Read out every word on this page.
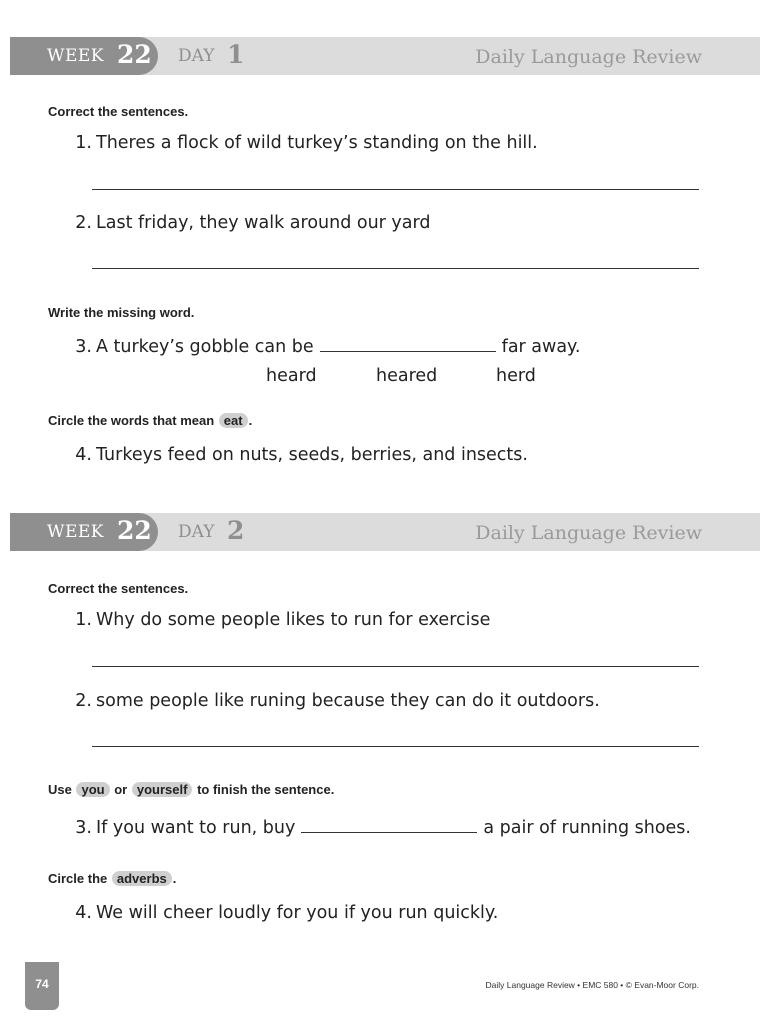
WEEK 22 DAY 1	Daily Language Review
Correct the sentences.
1. Theres a flock of wild turkey’s standing on the hill.
2. Last friday, they walk around our yard
Write the missing word.
3. A turkey’s gobble can be	far away.
heard	heared	herd
Circle the words that mean eat .
4. Turkeys feed on nuts, seeds, berries, and insects.
WEEK 22 DAY 2	Daily Language Review
Correct the sentences.
1. Why do some people likes to run for exercise
2. some people like runing because they can do it outdoors.
Use you or yourself to finish the sentence.
3. If you want to run, buy	a pair of running shoes.
Circle the adverbs .
4. We will cheer loudly for you if you run quickly.
74	Daily Language Review • EMC 580 • © Evan-Moor Corp.
